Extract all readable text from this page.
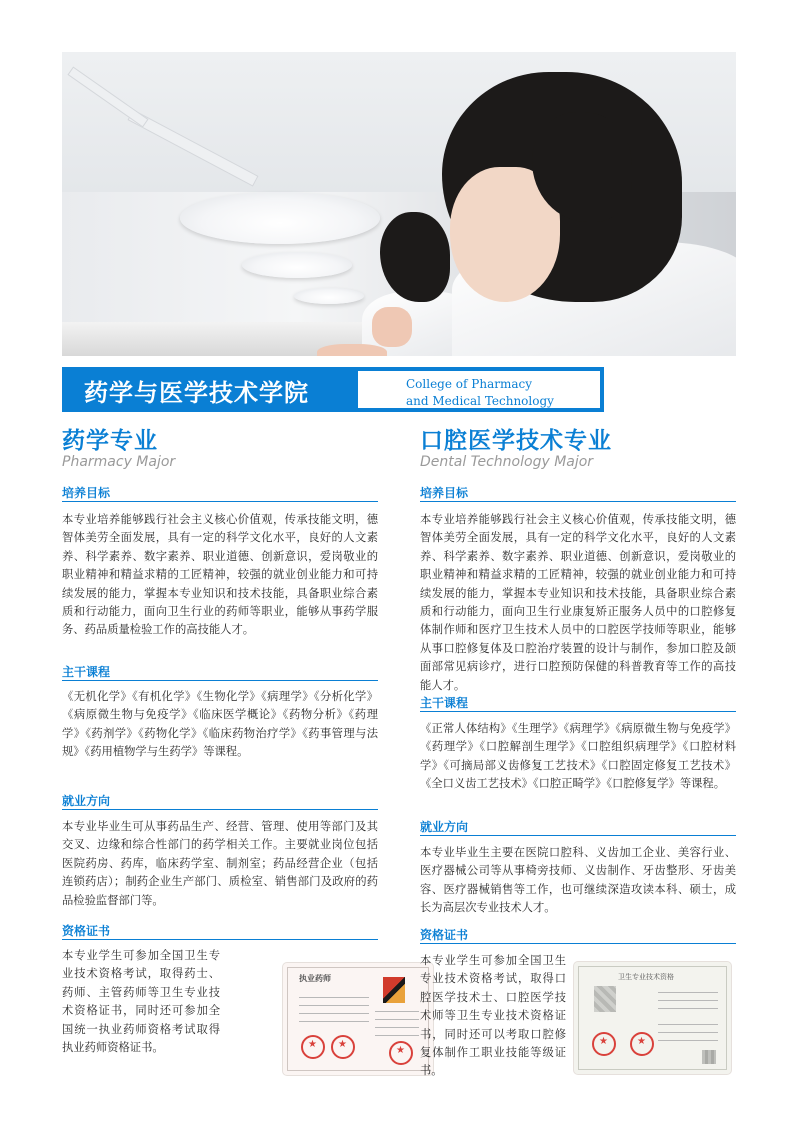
药学与医学技术学院	College of Pharmacy
and Medical Technology
药学专业
Pharmacy Major
培养目标
本专业培养能够践行社会主义核心价值观，传承技能文明，德智体美劳全面发展，具有一定的科学文化水平，良好的人文素养、科学素养、数字素养、职业道德、创新意识，爱岗敬业的职业精神和精益求精的工匠精神，较强的就业创业能力和可持续发展的能力，掌握本专业知识和技术技能，具备职业综合素质和行动能力，面向卫生行业的药师等职业，能够从事药学服务、药品质量检验工作的高技能人才。
主干课程
《无机化学》《有机化学》《生物化学》《病理学》《分析化学》《病原微生物与免疫学》《临床医学概论》《药物分析》《药理学》《药剂学》《药物化学》《临床药物治疗学》《药事管理与法规》《药用植物学与生药学》等课程。
就业方向
本专业毕业生可从事药品生产、经营、管理、使用等部门及其交叉、边缘和综合性部门的药学相关工作。主要就业岗位包括医院药房、药库，临床药学室、制剂室；药品经营企业（包括连锁药店）；制药企业生产部门、质检室、销售部门及政府的药品检验监督部门等。
资格证书
本专业学生可参加全国卫生专业技术资格考试，取得药士、药师、主管药师等卫生专业技术资格证书，同时还可参加全国统一执业药师资格考试取得执业药师资格证书。
执业药师
★
★
★
口腔医学技术专业
Dental Technology Major
培养目标
本专业培养能够践行社会主义核心价值观，传承技能文明，德智体美劳全面发展，具有一定的科学文化水平，良好的人文素养、科学素养、数字素养、职业道德、创新意识，爱岗敬业的职业精神和精益求精的工匠精神，较强的就业创业能力和可持续发展的能力，掌握本专业知识和技术技能，具备职业综合素质和行动能力，面向卫生行业康复矫正服务人员中的口腔修复体制作师和医疗卫生技术人员中的口腔医学技师等职业，能够从事口腔修复体及口腔治疗装置的设计与制作，参加口腔及颌面部常见病诊疗，进行口腔预防保健的科普教育等工作的高技能人才。
主干课程
《正常人体结构》《生理学》《病理学》《病原微生物与免疫学》《药理学》《口腔解剖生理学》《口腔组织病理学》《口腔材料学》《可摘局部义齿修复工艺技术》《口腔固定修复工艺技术》《全口义齿工艺技术》《口腔正畸学》《口腔修复学》等课程。
就业方向
本专业毕业生主要在医院口腔科、义齿加工企业、美容行业、医疗器械公司等从事椅旁技师、义齿制作、牙齿整形、牙齿美容、医疗器械销售等工作，也可继续深造攻读本科、硕士，成长为高层次专业技术人才。
资格证书
本专业学生可参加全国卫生专业技术资格考试，取得口腔医学技术士、口腔医学技术师等卫生专业技术资格证书，同时还可以考取口腔修复体制作工职业技能等级证书。
卫生专业技术资格
★
★
